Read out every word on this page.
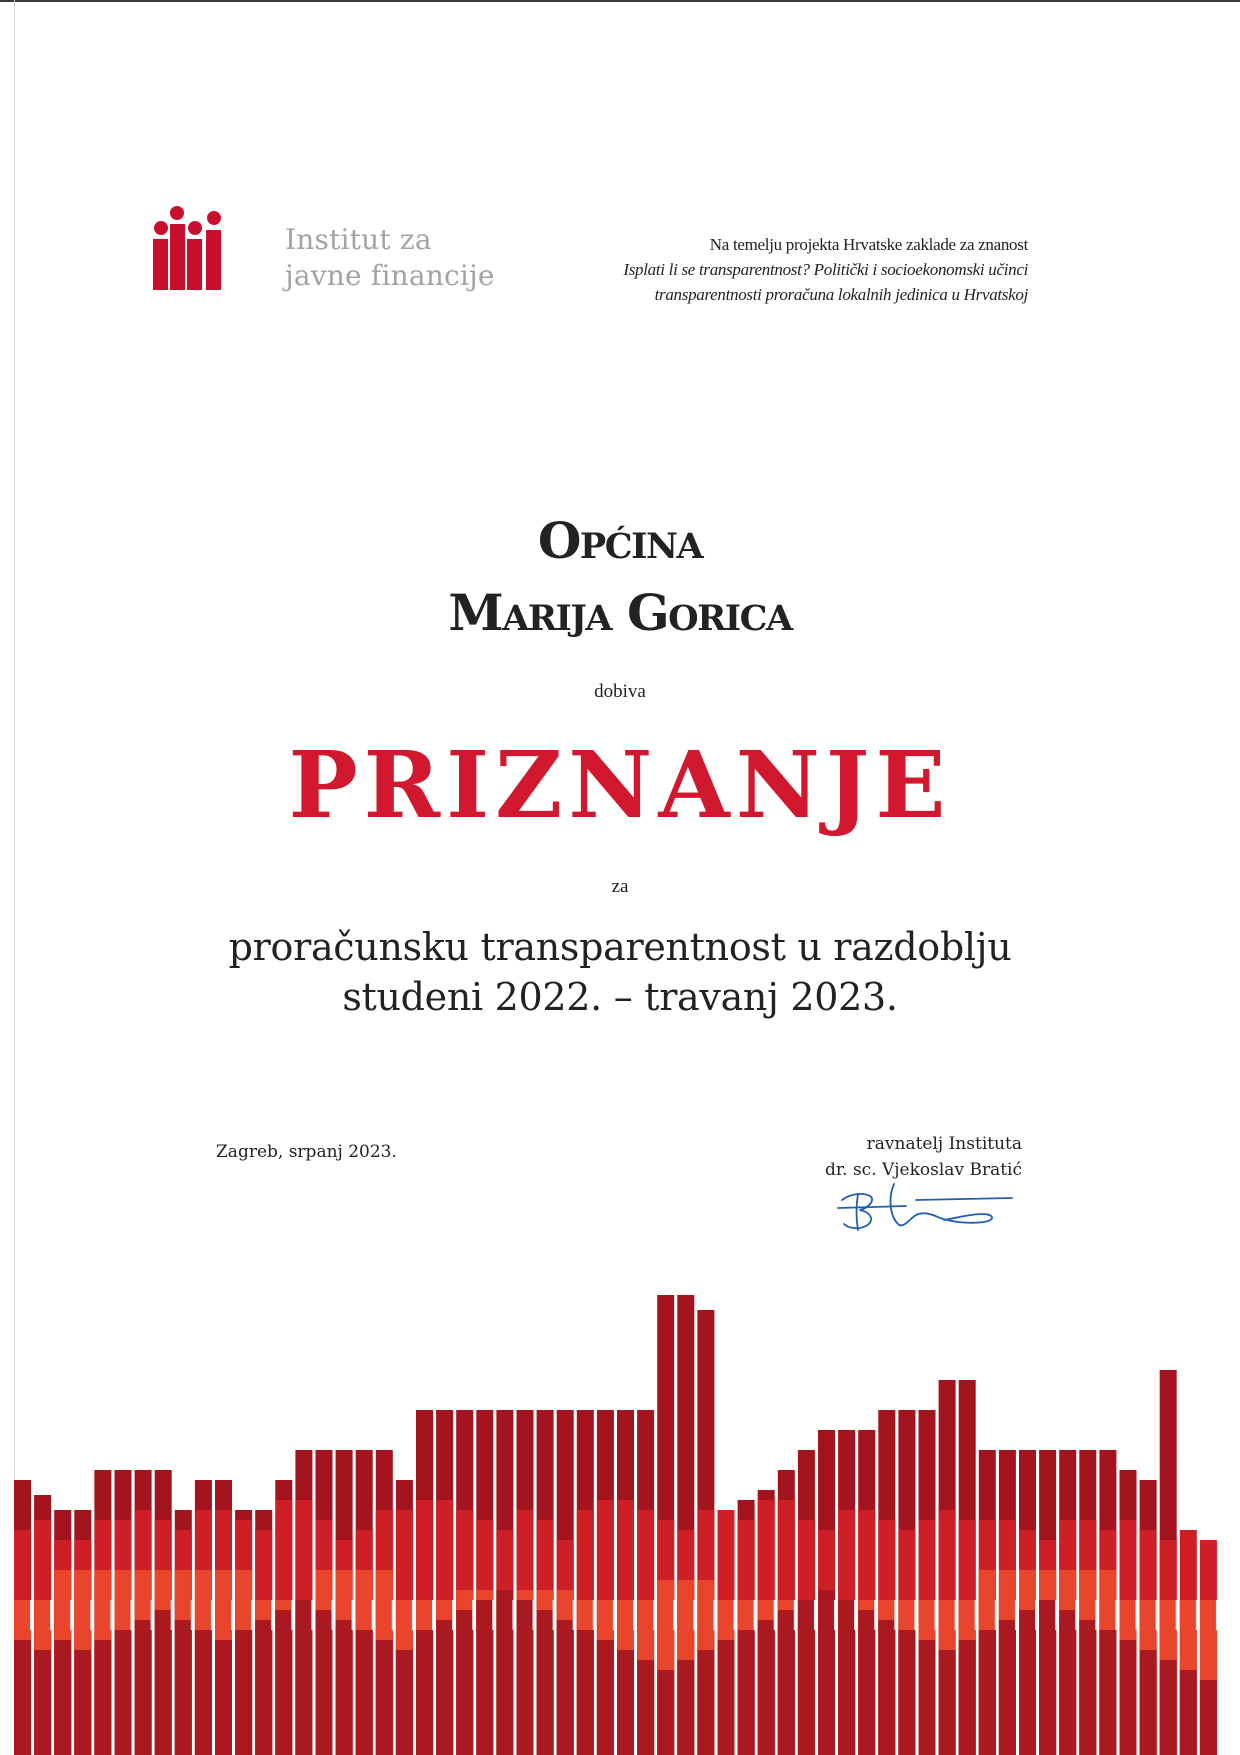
Institut za
javne financije
Na temelju projekta Hrvatske zaklade za znanost
Isplati li se transparentnost? Politički i socioekonomski učinci
transparentnosti proračuna lokalnih jedinica u Hrvatskoj
Općina
Marija Gorica
dobiva
PRIZNANJE
za
proračunsku transparentnost u razdoblju
studeni 2022. – travanj 2023.
Zagreb, srpanj 2023.	ravnatelj Instituta
dr. sc. Vjekoslav Bratić
